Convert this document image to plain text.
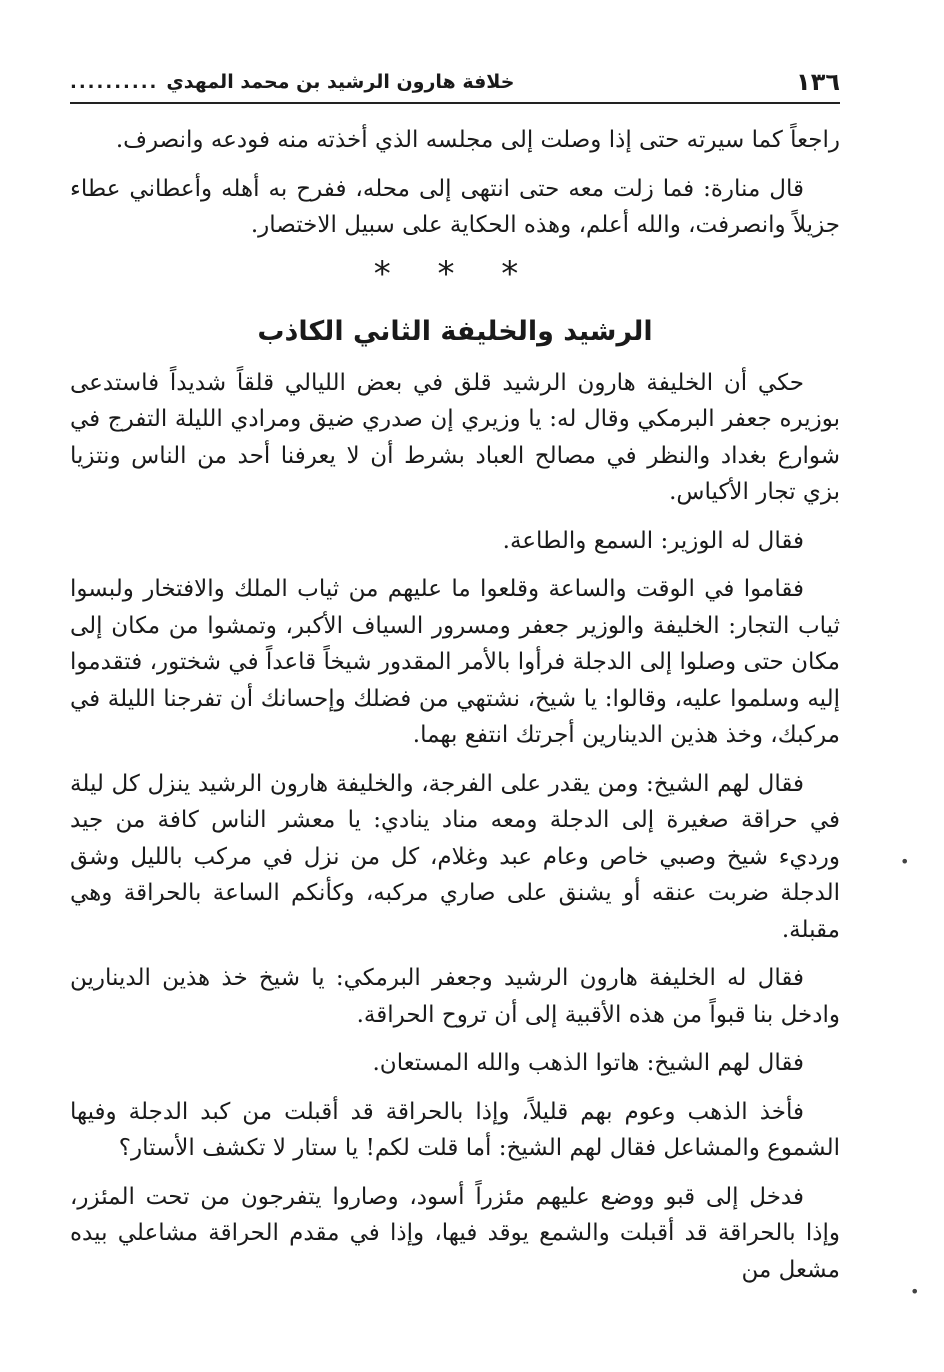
١٣٦
خلافة هارون الرشيد بن محمد المهدي
..........

راجعاً كما سيرته حتى إذا وصلت إلى مجلسه الذي أخذته منه فودعه وانصرف.

قال منارة: فما زلت معه حتى انتهى إلى محله، ففرح به أهله وأعطاني عطاء جزيلاً وانصرفت، والله أعلم، وهذه الحكاية على سبيل الاختصار.

* * *
الرشيد والخليفة الثاني الكاذب

حكي أن الخليفة هارون الرشيد قلق في بعض الليالي قلقاً شديداً فاستدعى بوزيره جعفر البرمكي وقال له: يا وزيري إن صدري ضيق ومرادي الليلة التفرج في شوارع بغداد والنظر في مصالح العباد بشرط أن لا يعرفنا أحد من الناس ونتزيا بزي تجار الأكياس.

فقال له الوزير: السمع والطاعة.

فقاموا في الوقت والساعة وقلعوا ما عليهم من ثياب الملك والافتخار ولبسوا ثياب التجار: الخليفة والوزير جعفر ومسرور السياف الأكبر، وتمشوا من مكان إلى مكان حتى وصلوا إلى الدجلة فرأوا بالأمر المقدور شيخاً قاعداً في شختور، فتقدموا إليه وسلموا عليه، وقالوا: يا شيخ، نشتهي من فضلك وإحسانك أن تفرجنا الليلة في مركبك، وخذ هذين الدينارين أجرتك انتفع بهما.

فقال لهم الشيخ: ومن يقدر على الفرجة، والخليفة هارون الرشيد ينزل كل ليلة في حراقة صغيرة إلى الدجلة ومعه مناد ينادي: يا معشر الناس كافة من جيد ورديء شيخ وصبي خاص وعام عبد وغلام، كل من نزل في مركب بالليل وشق الدجلة ضربت عنقه أو يشنق على صاري مركبه، وكأنكم الساعة بالحراقة وهي مقبلة.

فقال له الخليفة هارون الرشيد وجعفر البرمكي: يا شيخ خذ هذين الدينارين وادخل بنا قبواً من هذه الأقبية إلى أن تروح الحراقة.

فقال لهم الشيخ: هاتوا الذهب والله المستعان.

فأخذ الذهب وعوم بهم قليلاً، وإذا بالحراقة قد أقبلت من كبد الدجلة وفيها الشموع والمشاعل فقال لهم الشيخ: أما قلت لكم! يا ستار لا تكشف الأستار؟

فدخل إلى قبو ووضع عليهم مئزراً أسود، وصاروا يتفرجون من تحت المئزر، وإذا بالحراقة قد أقبلت والشمع يوقد فيها، وإذا في مقدم الحراقة مشاعلي بيده مشعل من

•
•
